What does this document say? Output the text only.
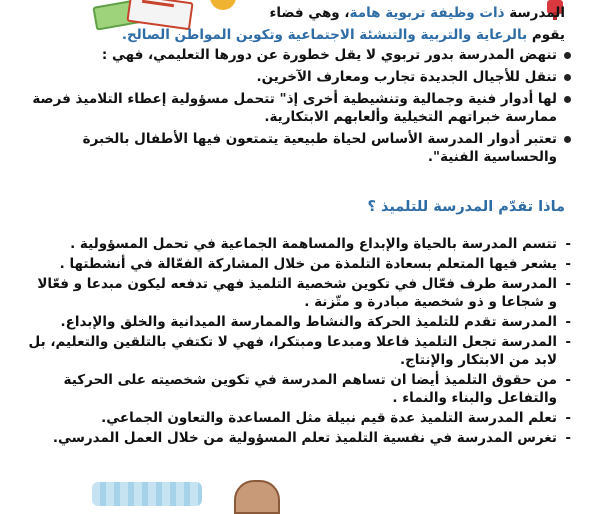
المدرسة ذات وظيفة تربوية هامة، وهي فضاء
يقوم بالرعاية والتربية والتنشئة الاجتماعية وتكوين المواطن الصالح.
تنهض المدرسة بدور تربوي لا يقل خطورة عن دورها التعليمي، فهي :
تنقل للأجيال الجديدة تجارب ومعارف الآخرين.
لها أدوار فنية وجمالية وتنشيطية أخرى إذ" تتحمل مسؤولية إعطاء التلاميذ فرصة ممارسة خبراتهم التخيلية وألعابهم الابتكارية.
تعتبر أدوار المدرسة الأساس لحياة طبيعية يتمتعون فيها الأطفال بالخبرة والحساسية الفنية".
ماذا تقدّم المدرسة للتلميذ ؟
- تتسم المدرسة بالحياة والإبداع والمساهمة الجماعية في تحمل المسؤولية .
- يشعر فيها المتعلم بسعادة التلمذة من خلال المشاركة الفعّالة في أنشطتها .
- المدرسة طرف فعّال في تكوين شخصية التلميذ فهي تدفعه ليكون مبدعا و فعّالا و شجاعا و ذو شخصية مبادرة و متّزنة .
- المدرسة تقدم للتلميذ الحركة والنشاط والممارسة الميدانية والخلق والإبداع.
- المدرسة تجعل التلميذ فاعلا ومبدعا ومبتكرا، فهي لا تكتفي بالتلقين والتعليم، بل لابد من الابتكار والإنتاج.
- من حقوق التلميذ أيضا ان تساهم المدرسة في تكوين شخصيته على الحركية والتفاعل والبناء والنماء .
- تعلم المدرسة التلميذ عدة قيم نبيلة مثل المساعدة والتعاون الجماعي.
- تغرس المدرسة في نفسية التلميذ تعلم المسؤولية من خلال العمل المدرسي.
